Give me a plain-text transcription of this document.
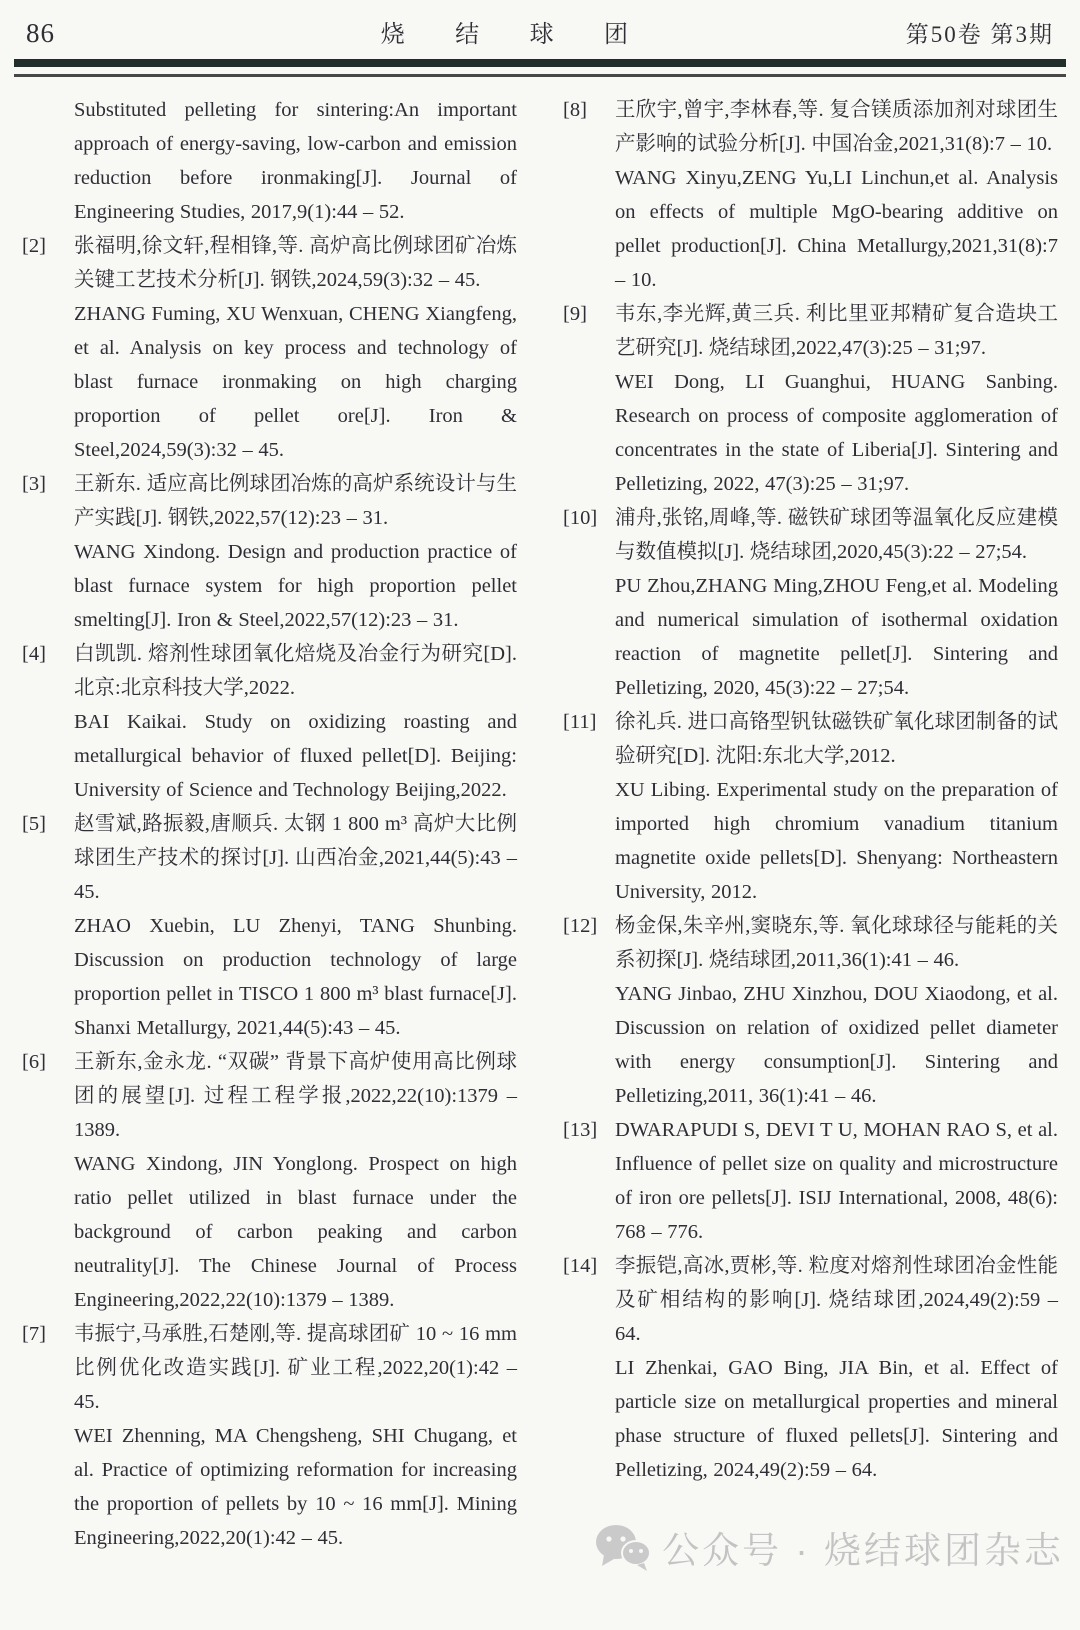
86	烧结球团	第50卷 第3期

Substituted pelleting for sintering:An important approach of energy-saving, low-carbon and emission reduction before ironmaking[J]. Journal of Engineering Studies, 2017,9(1):44 – 52.

[2]	张福明,徐文轩,程相锋,等. 高炉高比例球团矿冶炼关键工艺技术分析[J]. 钢铁,2024,59(3):32 – 45.

ZHANG Fuming, XU Wenxuan, CHENG Xiangfeng, et al. Analysis on key process and technology of blast furnace ironmaking on high charging proportion of pellet ore[J]. Iron & Steel,2024,59(3):32 – 45.

[3]	王新东. 适应高比例球团冶炼的高炉系统设计与生产实践[J]. 钢铁,2022,57(12):23 – 31.

WANG Xindong. Design and production practice of blast furnace system for high proportion pellet smelting[J]. Iron & Steel,2022,57(12):23 – 31.

[4]	白凯凯. 熔剂性球团氧化焙烧及冶金行为研究[D]. 北京:北京科技大学,2022.

BAI Kaikai. Study on oxidizing roasting and metallurgical behavior of fluxed pellet[D]. Beijing: University of Science and Technology Beijing,2022.

[5]	赵雪斌,路振毅,唐顺兵. 太钢 1 800 m³ 高炉大比例球团生产技术的探讨[J]. 山西冶金,2021,44(5):43 – 45.

ZHAO Xuebin, LU Zhenyi, TANG Shunbing. Discussion on production technology of large proportion pellet in TISCO 1 800 m³ blast furnace[J]. Shanxi Metallurgy, 2021,44(5):43 – 45.

[6]	王新东,金永龙. “双碳” 背景下高炉使用高比例球团的展望[J]. 过程工程学报,2022,22(10):1379 – 1389.

WANG Xindong, JIN Yonglong. Prospect on high ratio pellet utilized in blast furnace under the background of carbon peaking and carbon neutrality[J]. The Chinese Journal of Process Engineering,2022,22(10):1379 – 1389.

[7]	韦振宁,马承胜,石楚刚,等. 提高球团矿 10 ~ 16 mm 比例优化改造实践[J]. 矿业工程,2022,20(1):42 – 45.

WEI Zhenning, MA Chengsheng, SHI Chugang, et al. Practice of optimizing reformation for increasing the proportion of pellets by 10 ~ 16 mm[J]. Mining Engineering,2022,20(1):42 – 45.

[8]	王欣宇,曾宇,李林春,等. 复合镁质添加剂对球团生产影响的试验分析[J]. 中国冶金,2021,31(8):7 – 10.

WANG Xinyu,ZENG Yu,LI Linchun,et al. Analysis on effects of multiple MgO-bearing additive on pellet production[J]. China Metallurgy,2021,31(8):7 – 10.

[9]	韦东,李光辉,黄三兵. 利比里亚邦精矿复合造块工艺研究[J]. 烧结球团,2022,47(3):25 – 31;97.

WEI Dong, LI Guanghui, HUANG Sanbing. Research on process of composite agglomeration of concentrates in the state of Liberia[J]. Sintering and Pelletizing, 2022, 47(3):25 – 31;97.

[10] 浦舟,张铭,周峰,等. 磁铁矿球团等温氧化反应建模与数值模拟[J]. 烧结球团,2020,45(3):22 – 27;54.

PU Zhou,ZHANG Ming,ZHOU Feng,et al. Modeling and numerical simulation of isothermal oxidation reaction of magnetite pellet[J]. Sintering and Pelletizing, 2020, 45(3):22 – 27;54.

[11] 徐礼兵. 进口高铬型钒钛磁铁矿氧化球团制备的试验研究[D]. 沈阳:东北大学,2012.

XU Libing. Experimental study on the preparation of imported high chromium vanadium titanium magnetite oxide pellets[D]. Shenyang: Northeastern University, 2012.

[12] 杨金保,朱辛州,窦晓东,等. 氧化球球径与能耗的关系初探[J]. 烧结球团,2011,36(1):41 – 46.

YANG Jinbao, ZHU Xinzhou, DOU Xiaodong, et al. Discussion on relation of oxidized pellet diameter with energy consumption[J]. Sintering and Pelletizing,2011, 36(1):41 – 46.

[13] DWARAPUDI S, DEVI T U, MOHAN RAO S, et al. Influence of pellet size on quality and microstructure of iron ore pellets[J]. ISIJ International, 2008, 48(6): 768 – 776.

[14] 李振铠,高冰,贾彬,等. 粒度对熔剂性球团冶金性能及矿相结构的影响[J]. 烧结球团,2024,49(2):59 – 64.

LI Zhenkai, GAO Bing, JIA Bin, et al. Effect of particle size on metallurgical properties and mineral phase structure of fluxed pellets[J]. Sintering and Pelletizing, 2024,49(2):59 – 64.

公众号 · 烧结球团杂志
